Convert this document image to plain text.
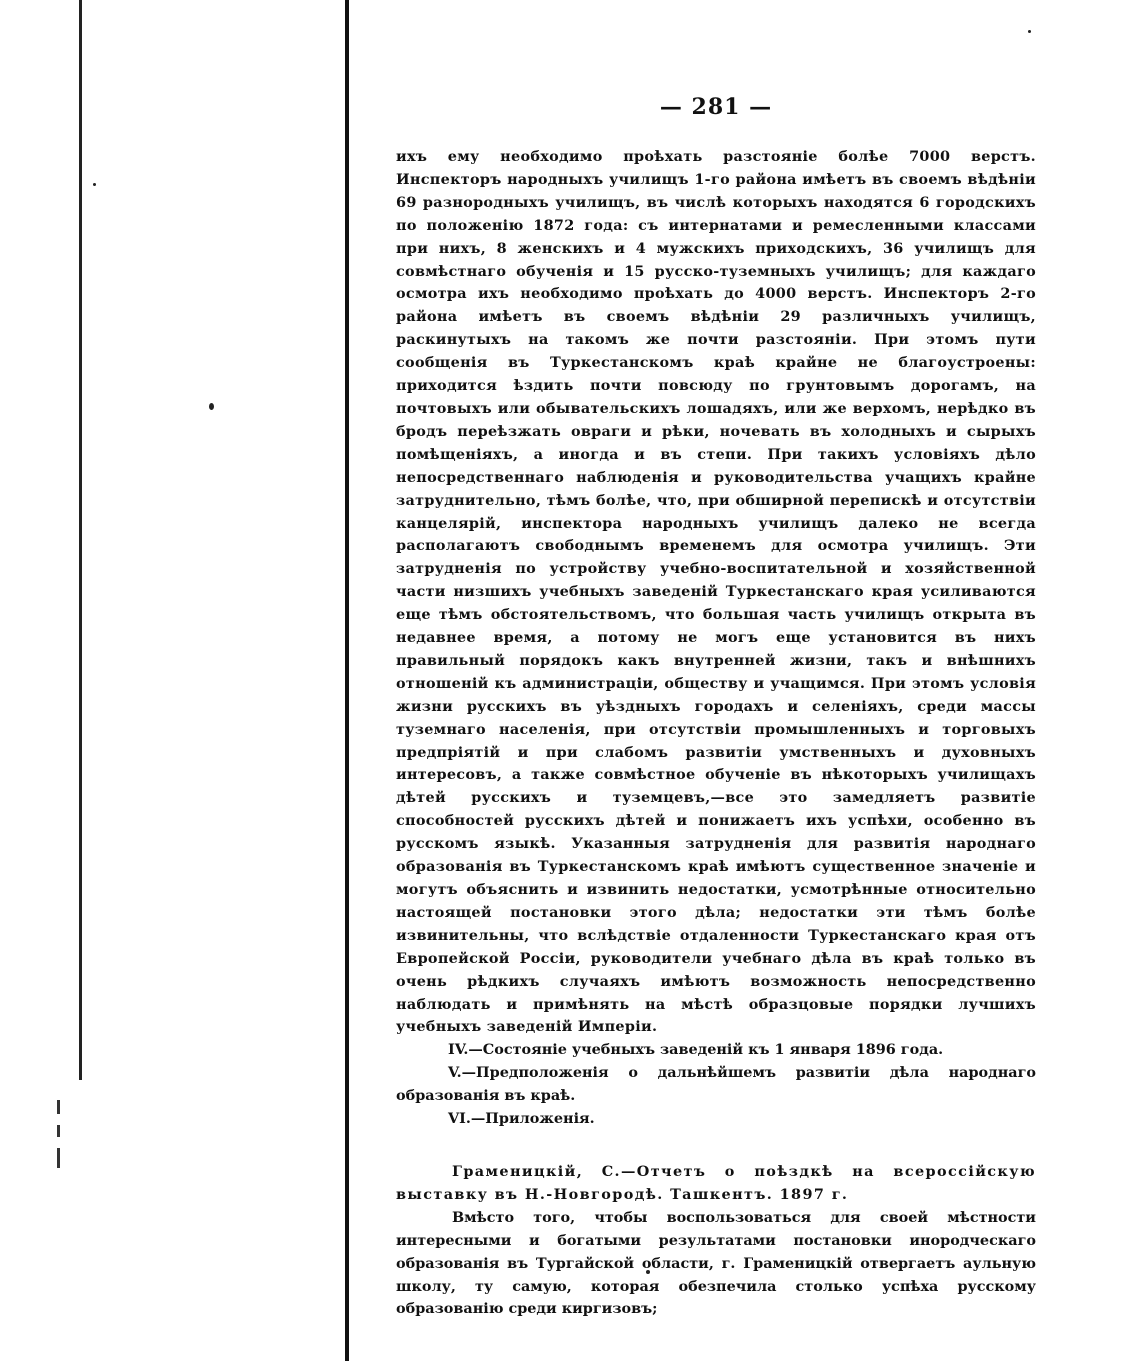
— 281 —

ихъ ему необходимо проѣхать разстояніе болѣе 7000 верстъ. Инспекторъ народныхъ училищъ 1-го района имѣетъ въ своемъ вѣдѣніи 69 разнородныхъ училищъ, въ числѣ которыхъ находятся 6 городскихъ по положенію 1872 года: съ интернатами и ремесленными классами при нихъ, 8 женскихъ и 4 мужскихъ приходскихъ, 36 училищъ для совмѣстнаго обученія и 15 русско-туземныхъ училищъ; для каждаго осмотра ихъ необходимо проѣхать до 4000 верстъ. Инспекторъ 2-го района имѣетъ въ своемъ вѣдѣніи 29 различныхъ училищъ, раскинутыхъ на такомъ же почти разстояніи. При этомъ пути сообщенія въ Туркестанскомъ краѣ крайне не благоустроены: приходится ѣздить почти повсюду по грунтовымъ дорогамъ, на почтовыхъ или обывательскихъ лошадяхъ, или же верхомъ, нерѣдко въ бродъ переѣзжать овраги и рѣки, ночевать въ холодныхъ и сырыхъ помѣщеніяхъ, а иногда и въ степи. При такихъ условіяхъ дѣло непосредственнаго наблюденія и руководительства учащихъ крайне затруднительно, тѣмъ болѣе, что, при обширной перепискѣ и отсутствіи канцелярій, инспектора народныхъ училищъ далеко не всегда располагаютъ свободнымъ временемъ для осмотра училищъ. Эти затрудненія по устройству учебно-воспитательной и хозяйственной части низшихъ учебныхъ заведеній Туркестанскаго края усиливаются еще тѣмъ обстоятельствомъ, что большая часть училищъ открыта въ недавнее время, а потому не могъ еще установится въ нихъ правильный порядокъ какъ внутренней жизни, такъ и внѣшнихъ отношеній къ администраціи, обществу и учащимся. При этомъ условія жизни русскихъ въ уѣздныхъ городахъ и селеніяхъ, среди массы туземнаго населенія, при отсутствіи промышленныхъ и торговыхъ предпріятій и при слабомъ развитіи умственныхъ и духовныхъ интересовъ, а также совмѣстное обученіе въ нѣкоторыхъ училищахъ дѣтей русскихъ и туземцевъ,—все это замедляетъ развитіе способностей русскихъ дѣтей и понижаетъ ихъ успѣхи, особенно въ русскомъ языкѣ. Указанныя затрудненія для развитія народнаго образованія въ Туркестанскомъ краѣ имѣютъ существенное значеніе и могутъ объяснить и извинить недостатки, усмотрѣнные относительно настоящей постановки этого дѣла; недостатки эти тѣмъ болѣе извинительны, что вслѣдствіе отдаленности Туркестанскаго края отъ Европейской Россіи, руководители учебнаго дѣла въ краѣ только въ очень рѣдкихъ случаяхъ имѣютъ возможность непосредственно наблюдать и примѣнять на мѣстѣ образцовые порядки лучшихъ учебныхъ заведеній Имперіи.

IV.—Состояніе учебныхъ заведеній къ 1 января 1896 года.

V.—Предположенія о дальнѣйшемъ развитіи дѣла народнаго образованія въ краѣ.

VI.—Приложенія.

Граменицкій, С.—Отчетъ о поѣздкѣ на всероссійскую выставку въ Н.-Новгородѣ. Ташкентъ. 1897 г.

Вмѣсто того, чтобы воспользоваться для своей мѣстности интересными и богатыми результатами постановки инородческаго образованія въ Тургайской области, г. Граменицкій отвергаетъ аульную школу, ту самую, которая обезпечила столько успѣха русскому образованію среди киргизовъ;
